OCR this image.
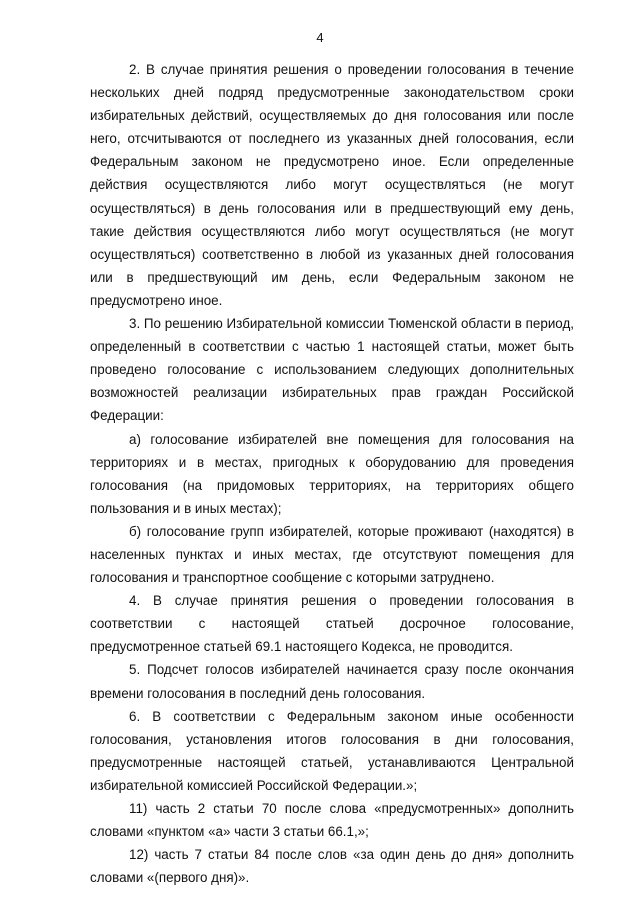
4

2. В случае принятия решения о проведении голосования в течение нескольких дней подряд предусмотренные законодательством сроки избирательных действий, осуществляемых до дня голосования или после него, отсчитываются от последнего из указанных дней голосования, если Федеральным законом не предусмотрено иное. Если определенные действия осуществляются либо могут осуществляться (не могут осуществляться) в день голосования или в предшествующий ему день, такие действия осуществляются либо могут осуществляться (не могут осуществляться) соответственно в любой из указанных дней голосования или в предшествующий им день, если Федеральным законом не предусмотрено иное.

3. По решению Избирательной комиссии Тюменской области в период, определенный в соответствии с частью 1 настоящей статьи, может быть проведено голосование с использованием следующих дополнительных возможностей реализации избирательных прав граждан Российской Федерации:

а) голосование избирателей вне помещения для голосования на территориях и в местах, пригодных к оборудованию для проведения голосования (на придомовых территориях, на территориях общего пользования и в иных местах);

б) голосование групп избирателей, которые проживают (находятся) в населенных пунктах и иных местах, где отсутствуют помещения для голосования и транспортное сообщение с которыми затруднено.

4. В случае принятия решения о проведении голосования в соответствии с настоящей статьей досрочное голосование, предусмотренное статьей 69.1 настоящего Кодекса, не проводится.

5. Подсчет голосов избирателей начинается сразу после окончания времени голосования в последний день голосования.

6. В соответствии с Федеральным законом иные особенности голосования, установления итогов голосования в дни голосования, предусмотренные настоящей статьей, устанавливаются Центральной избирательной комиссией Российской Федерации.»;

11) часть 2 статьи 70 после слова «предусмотренных» дополнить словами «пунктом «а» части 3 статьи 66.1,»;

12) часть 7 статьи 84 после слов «за один день до дня» дополнить словами «(первого дня)».
